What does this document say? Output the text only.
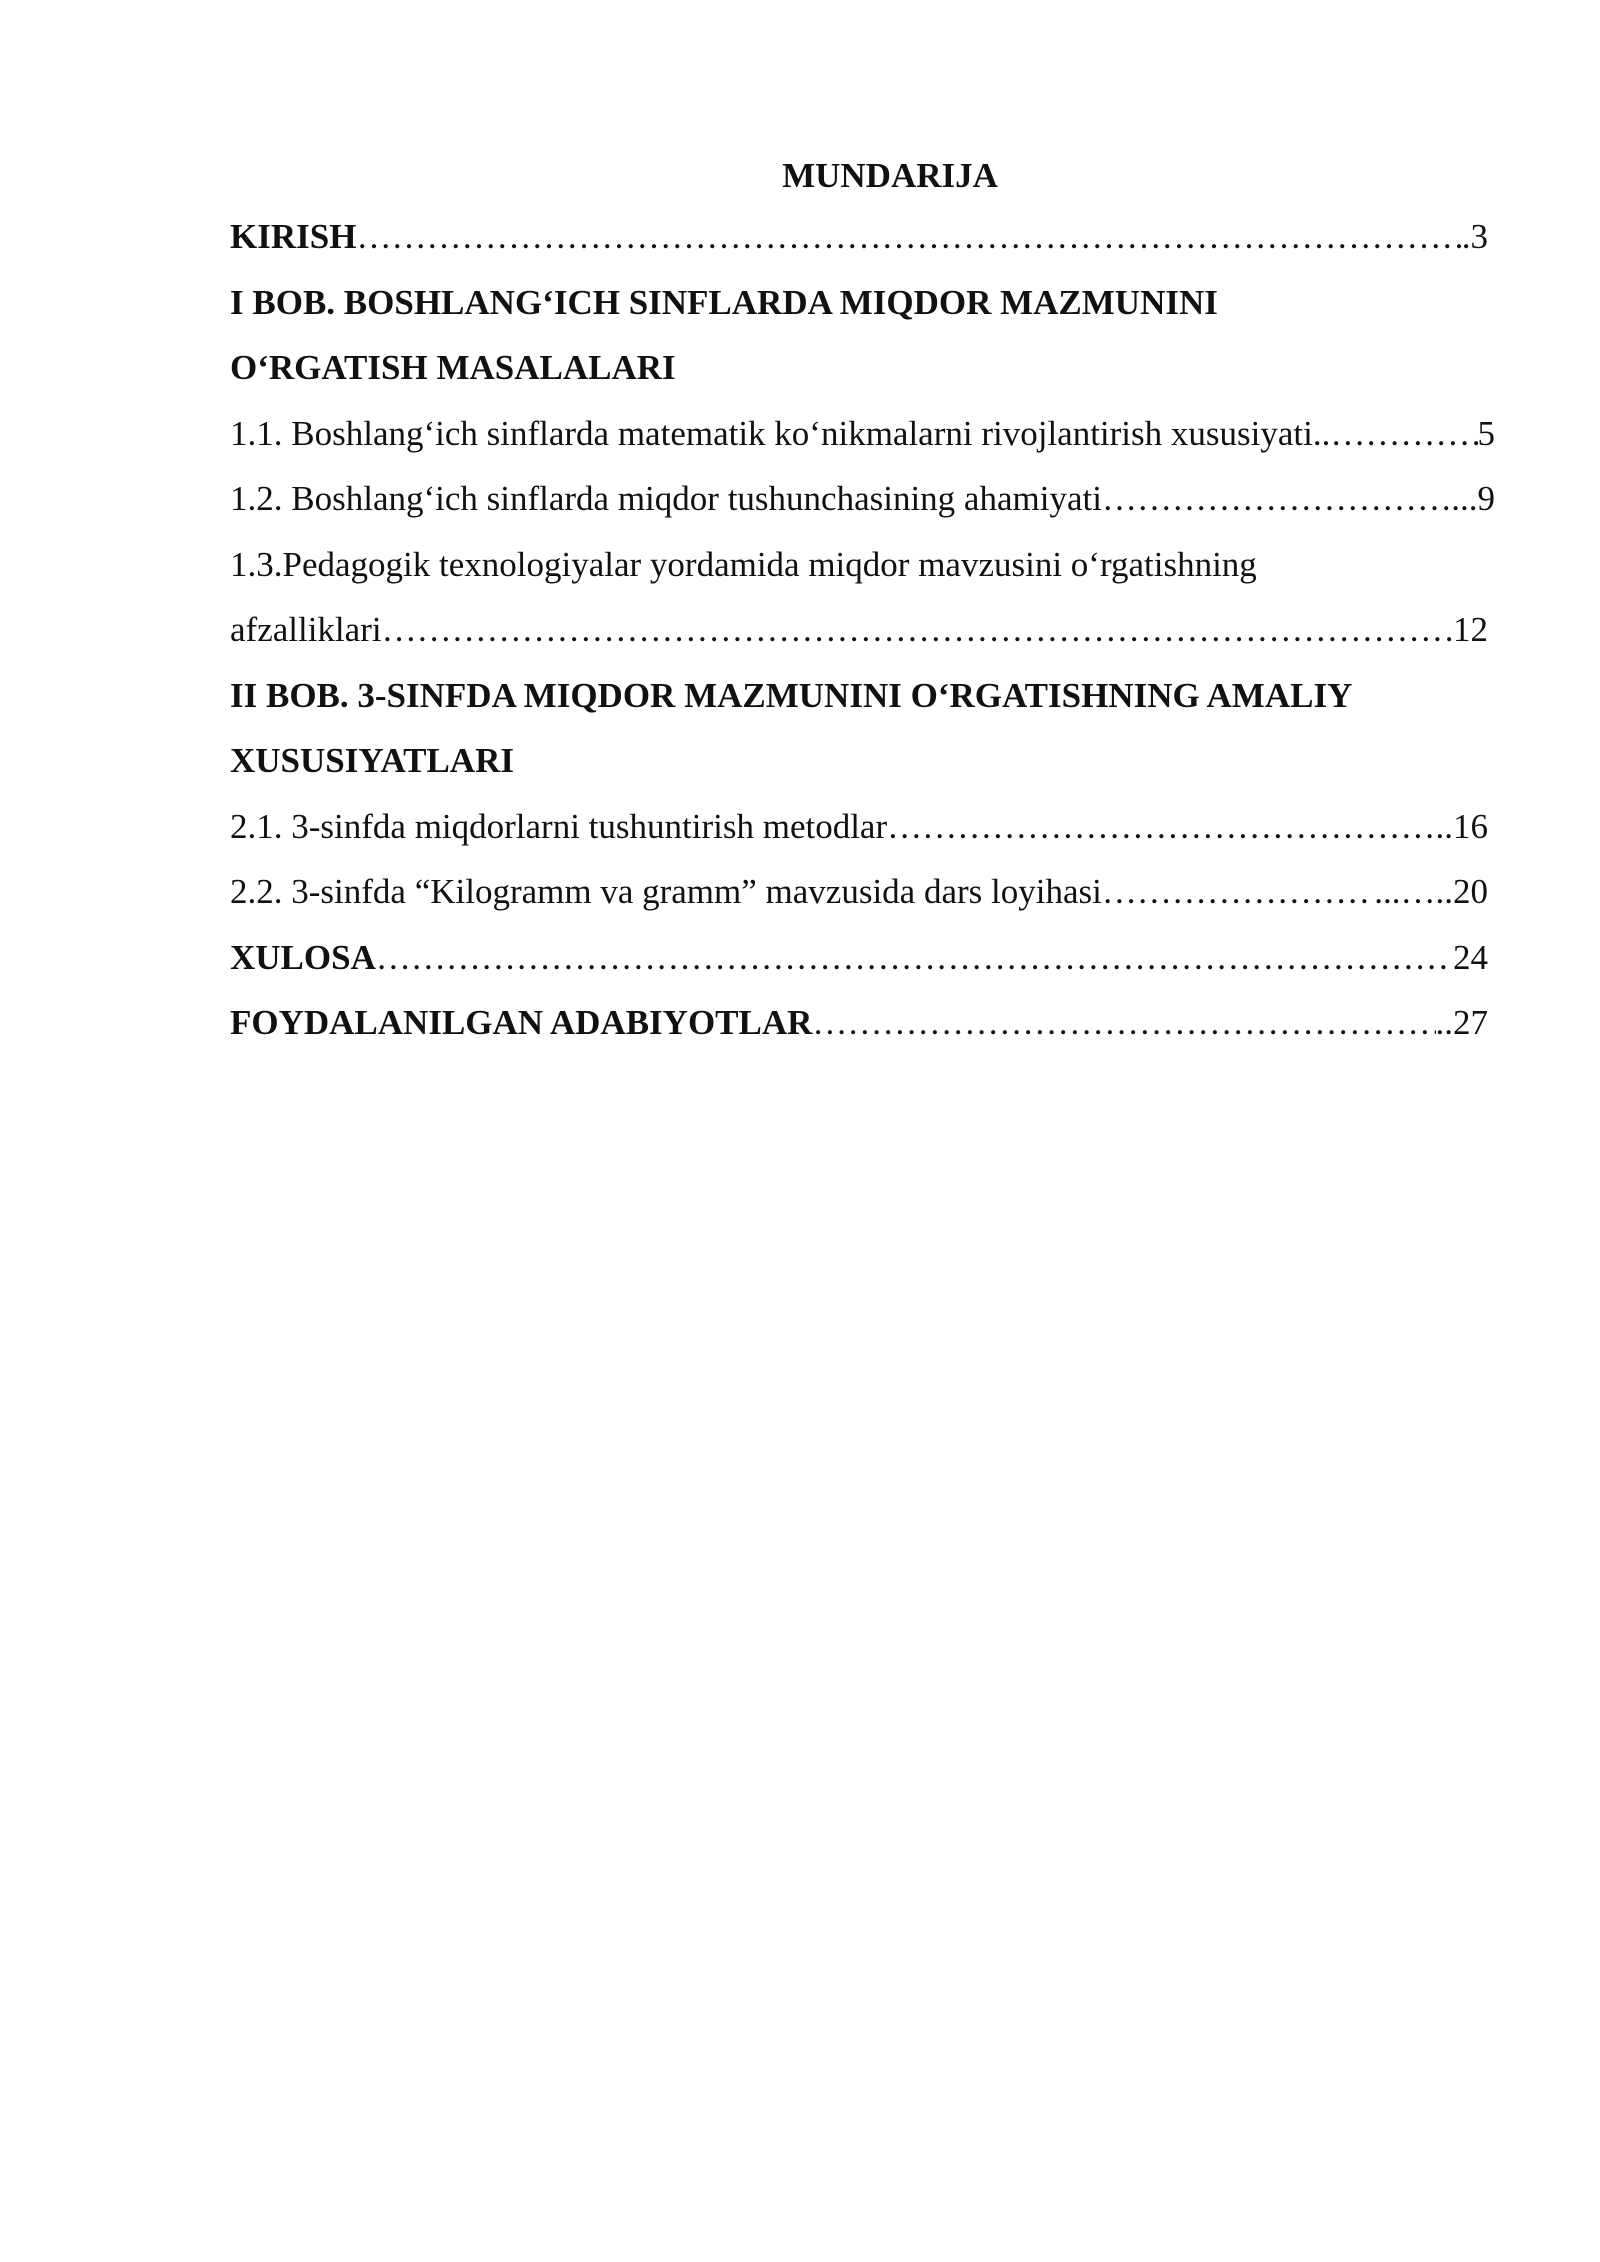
MUNDARIJA
KIRISH …………………………………………………………………………………………………………………………………………………………………………………………………………………………	.3
I BOB. BOSHLANG‘ICH SINFLARDA MIQDOR MAZMUNINI
O‘RGATISH MASALALARI
1.1. Boshlang‘ich sinflarda matematik ko‘nikmalarni rivojlantirish xususiyati.. …………………………………………………………………………………………………………………………………………………………………………………………………………………………	5
1.2. Boshlang‘ich sinflarda miqdor tushunchasining ahamiyati …………………………………………………………………………………………………………………………………………………………………………………………………………………………	...9
1.3.Pedagogik texnologiyalar yordamida miqdor mavzusini o‘rgatishning
afzalliklari …………………………………………………………………………………………………………………………………………………………………………………………………………………………	12
II BOB. 3-SINFDA MIQDOR MAZMUNINI O‘RGATISHNING AMALIY
XUSUSIYATLARI
2.1. 3-sinfda miqdorlarni tushuntirish metodlar …………………………………………………………………………………………………………………………………………………………………………………………………………………………	..16
2.2. 3-sinfda “Kilogramm va gramm” mavzusida dars loyihasi …………………………………………………………………………………………………………………………………………………………………………………………………………………………	...…..20
XULOSA …………………………………………………………………………………………………………………………………………………………………………………………………………………………	24
FOYDALANILGAN ADABIYOTLAR …………………………………………………………………………………………………………………………………………………………………………………………………………………………	..27
